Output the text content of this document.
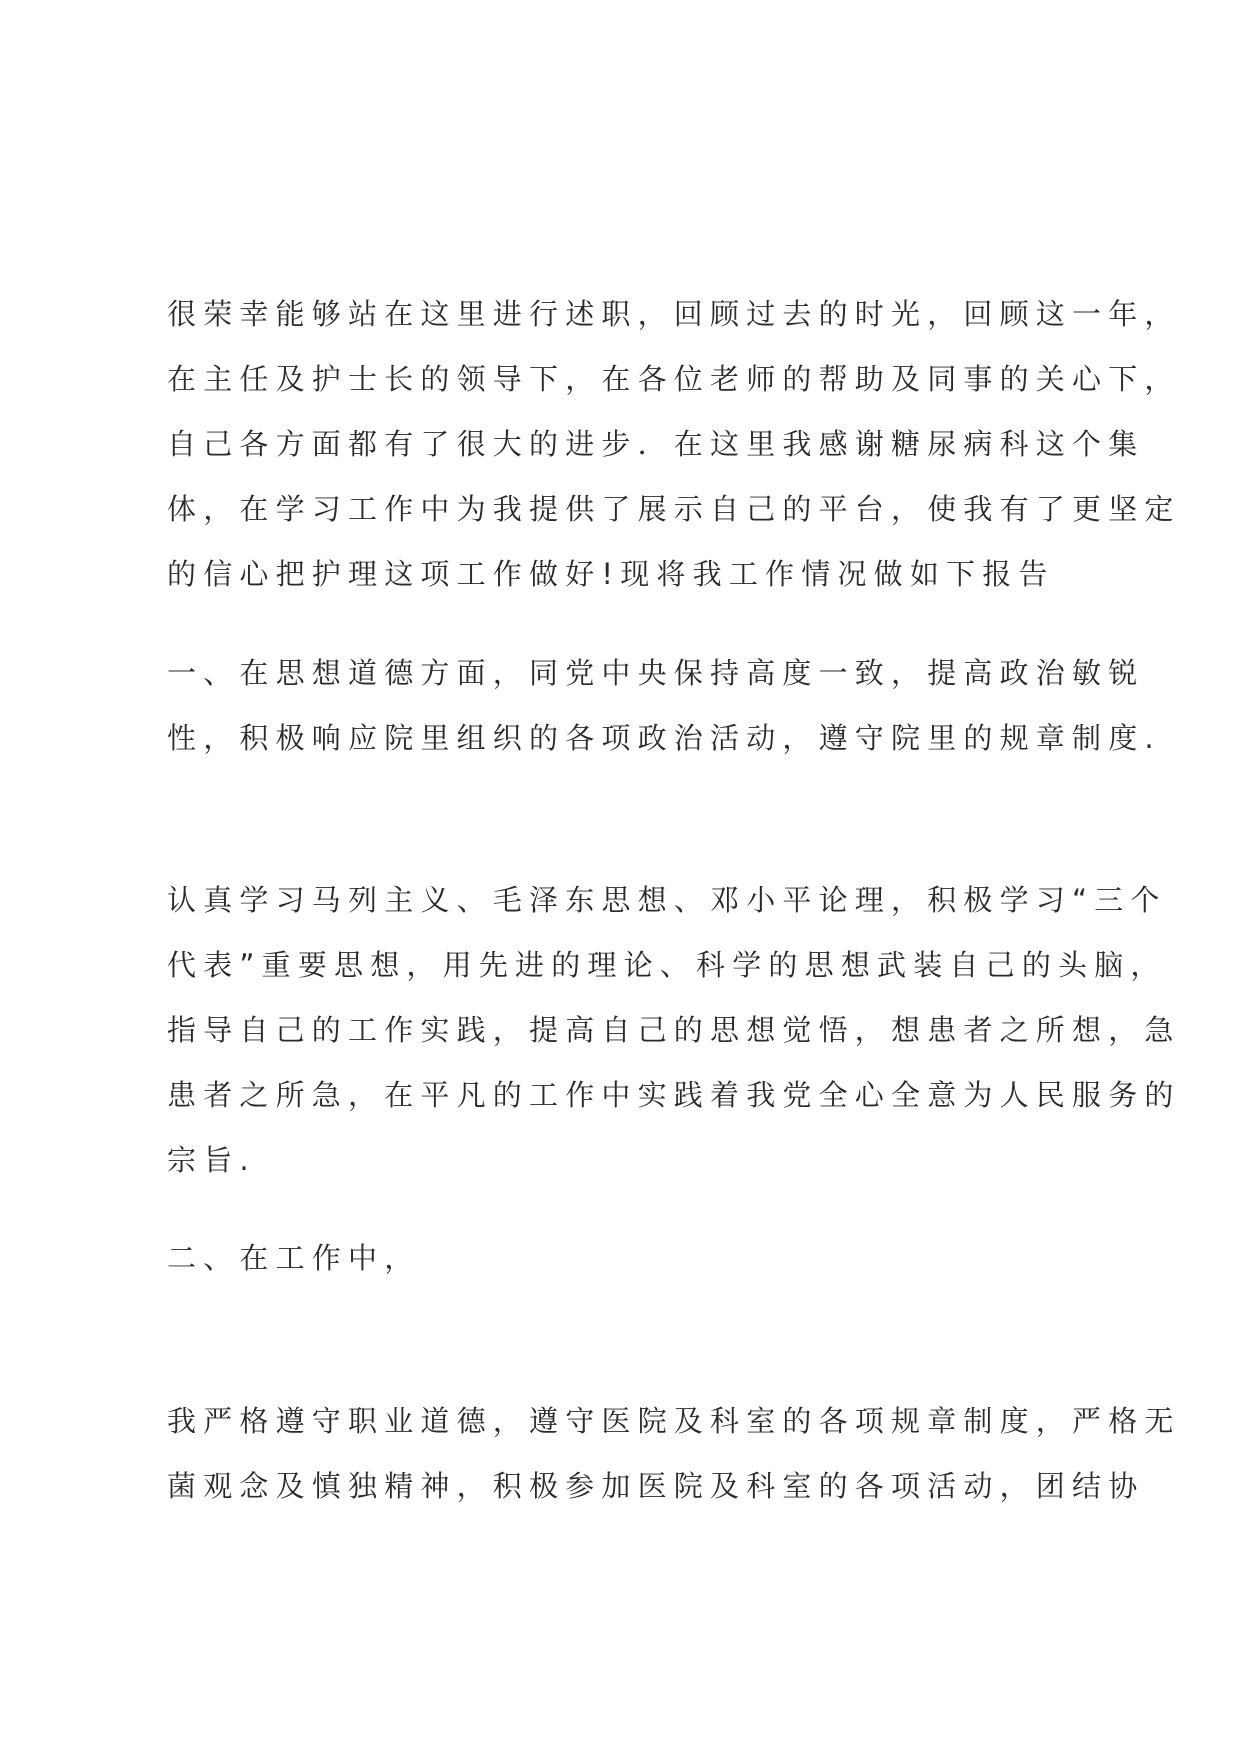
很荣幸能够站在这里进行述职，回顾过去的时光，回顾这一年，
在主任及护士长的领导下，在各位老师的帮助及同事的关心下，
自己各方面都有了很大的进步．在这里我感谢糖尿病科这个集
体，在学习工作中为我提供了展示自己的平台，使我有了更坚定
的信心把护理这项工作做好!现将我工作情况做如下报告

一、在思想道德方面，同党中央保持高度一致，提高政治敏锐
性，积极响应院里组织的各项政治活动，遵守院里的规章制度.

认真学习马列主义、毛泽东思想、邓小平论理，积极学习“三个
代表”重要思想，用先进的理论、科学的思想武装自己的头脑，
指导自己的工作实践，提高自己的思想觉悟，想患者之所想，急
患者之所急，在平凡的工作中实践着我党全心全意为人民服务的
宗旨.

二、在工作中，

我严格遵守职业道德，遵守医院及科室的各项规章制度，严格无
菌观念及慎独精神，积极参加医院及科室的各项活动，团结协
